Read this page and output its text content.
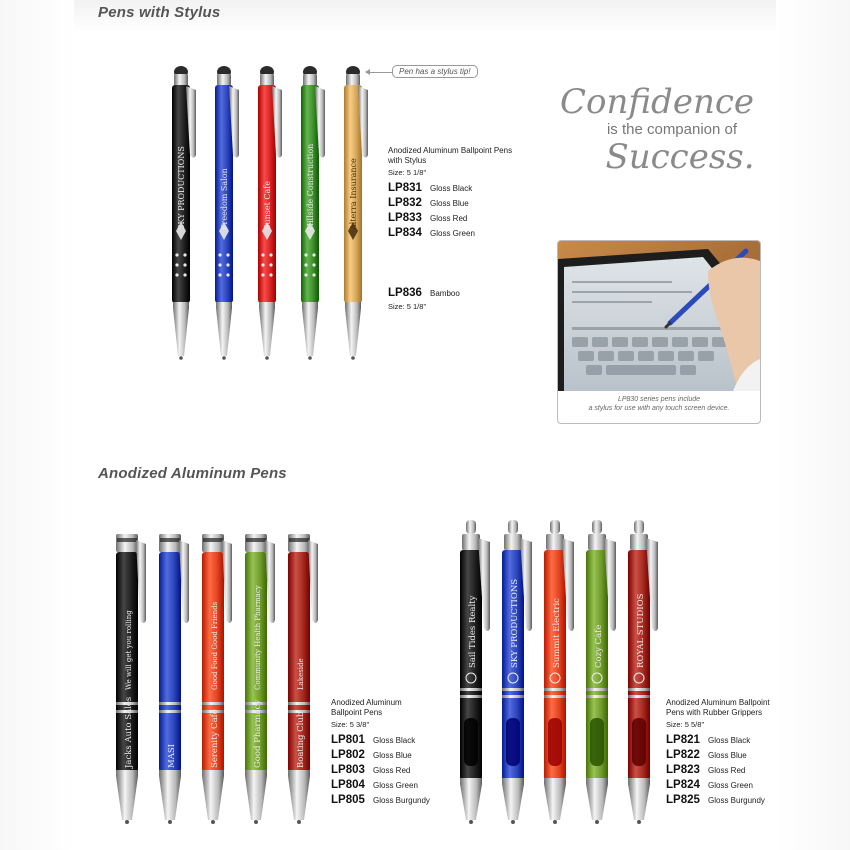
Pens with Stylus
Anodized Aluminum Pens
SKY PRODUCTIONS	Freedom Salon	Sunset Cafe	Hillside Construction	Alterra Insurance
Pen has a stylus tip!
Anodized Aluminum Ballpoint Pens
with Stylus
Size: 5 1/8"
LP831	Gloss Black
LP832	Gloss Blue
LP833	Gloss Red
LP834	Gloss Green
LP836	Bamboo
Size: 5 1/8"
Confidence
is the companion of
Success.
LP830 series pens include
a stylus for use with any touch screen device.
Jacks Auto Sales
We will get you rolling
MASI	Serenity Cafe
Good Food Good Friends
Good Pharmacy
Community Health Pharmacy
Boating Club
Lakeside
Anodized Aluminum
Ballpoint Pens
Size: 5 3/8"
LP801	Gloss Black
LP802	Gloss Blue
LP803	Gloss Red
LP804	Gloss Green
LP805	Gloss Burgundy
Sail Tides Realty	SKY PRODUCTIONS	Summit Electric	Cozy Cafe	ROYAL STUDIOS
Anodized Aluminum Ballpoint
Pens with Rubber Grippers
Size: 5 5/8"
LP821	Gloss Black
LP822	Gloss Blue
LP823	Gloss Red
LP824	Gloss Green
LP825	Gloss Burgundy
